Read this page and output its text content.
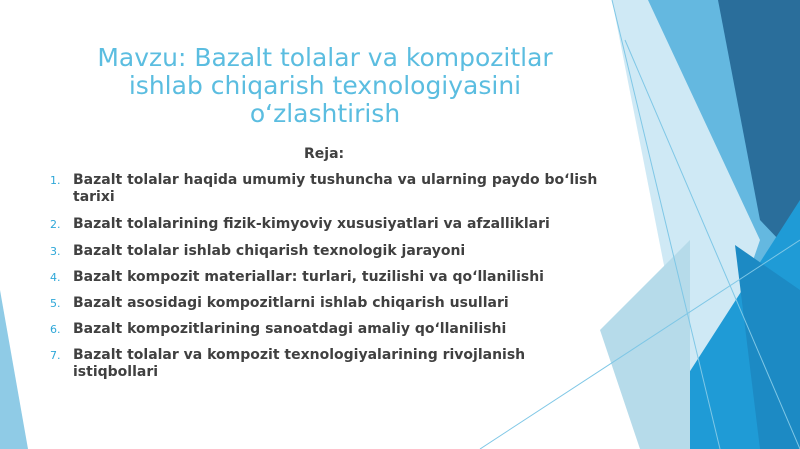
Mavzu: Bazalt tolalar va kompozitlar ishlab chiqarish texnologiyasini o‘zlashtirish
Reja:
1. Bazalt tolalar haqida umumiy tushuncha va ularning paydo bo‘lish tarixi
2. Bazalt tolalarining fizik-kimyoviy xususiyatlari va afzalliklari
3. Bazalt tolalar ishlab chiqarish texnologik jarayoni
4. Bazalt kompozit materiallar: turlari, tuzilishi va qo‘llanilishi
5. Bazalt asosidagi kompozitlarni ishlab chiqarish usullari
6. Bazalt kompozitlarining sanoatdagi amaliy qo‘llanilishi
7. Bazalt tolalar va kompozit texnologiyalarining rivojlanish istiqbollari
